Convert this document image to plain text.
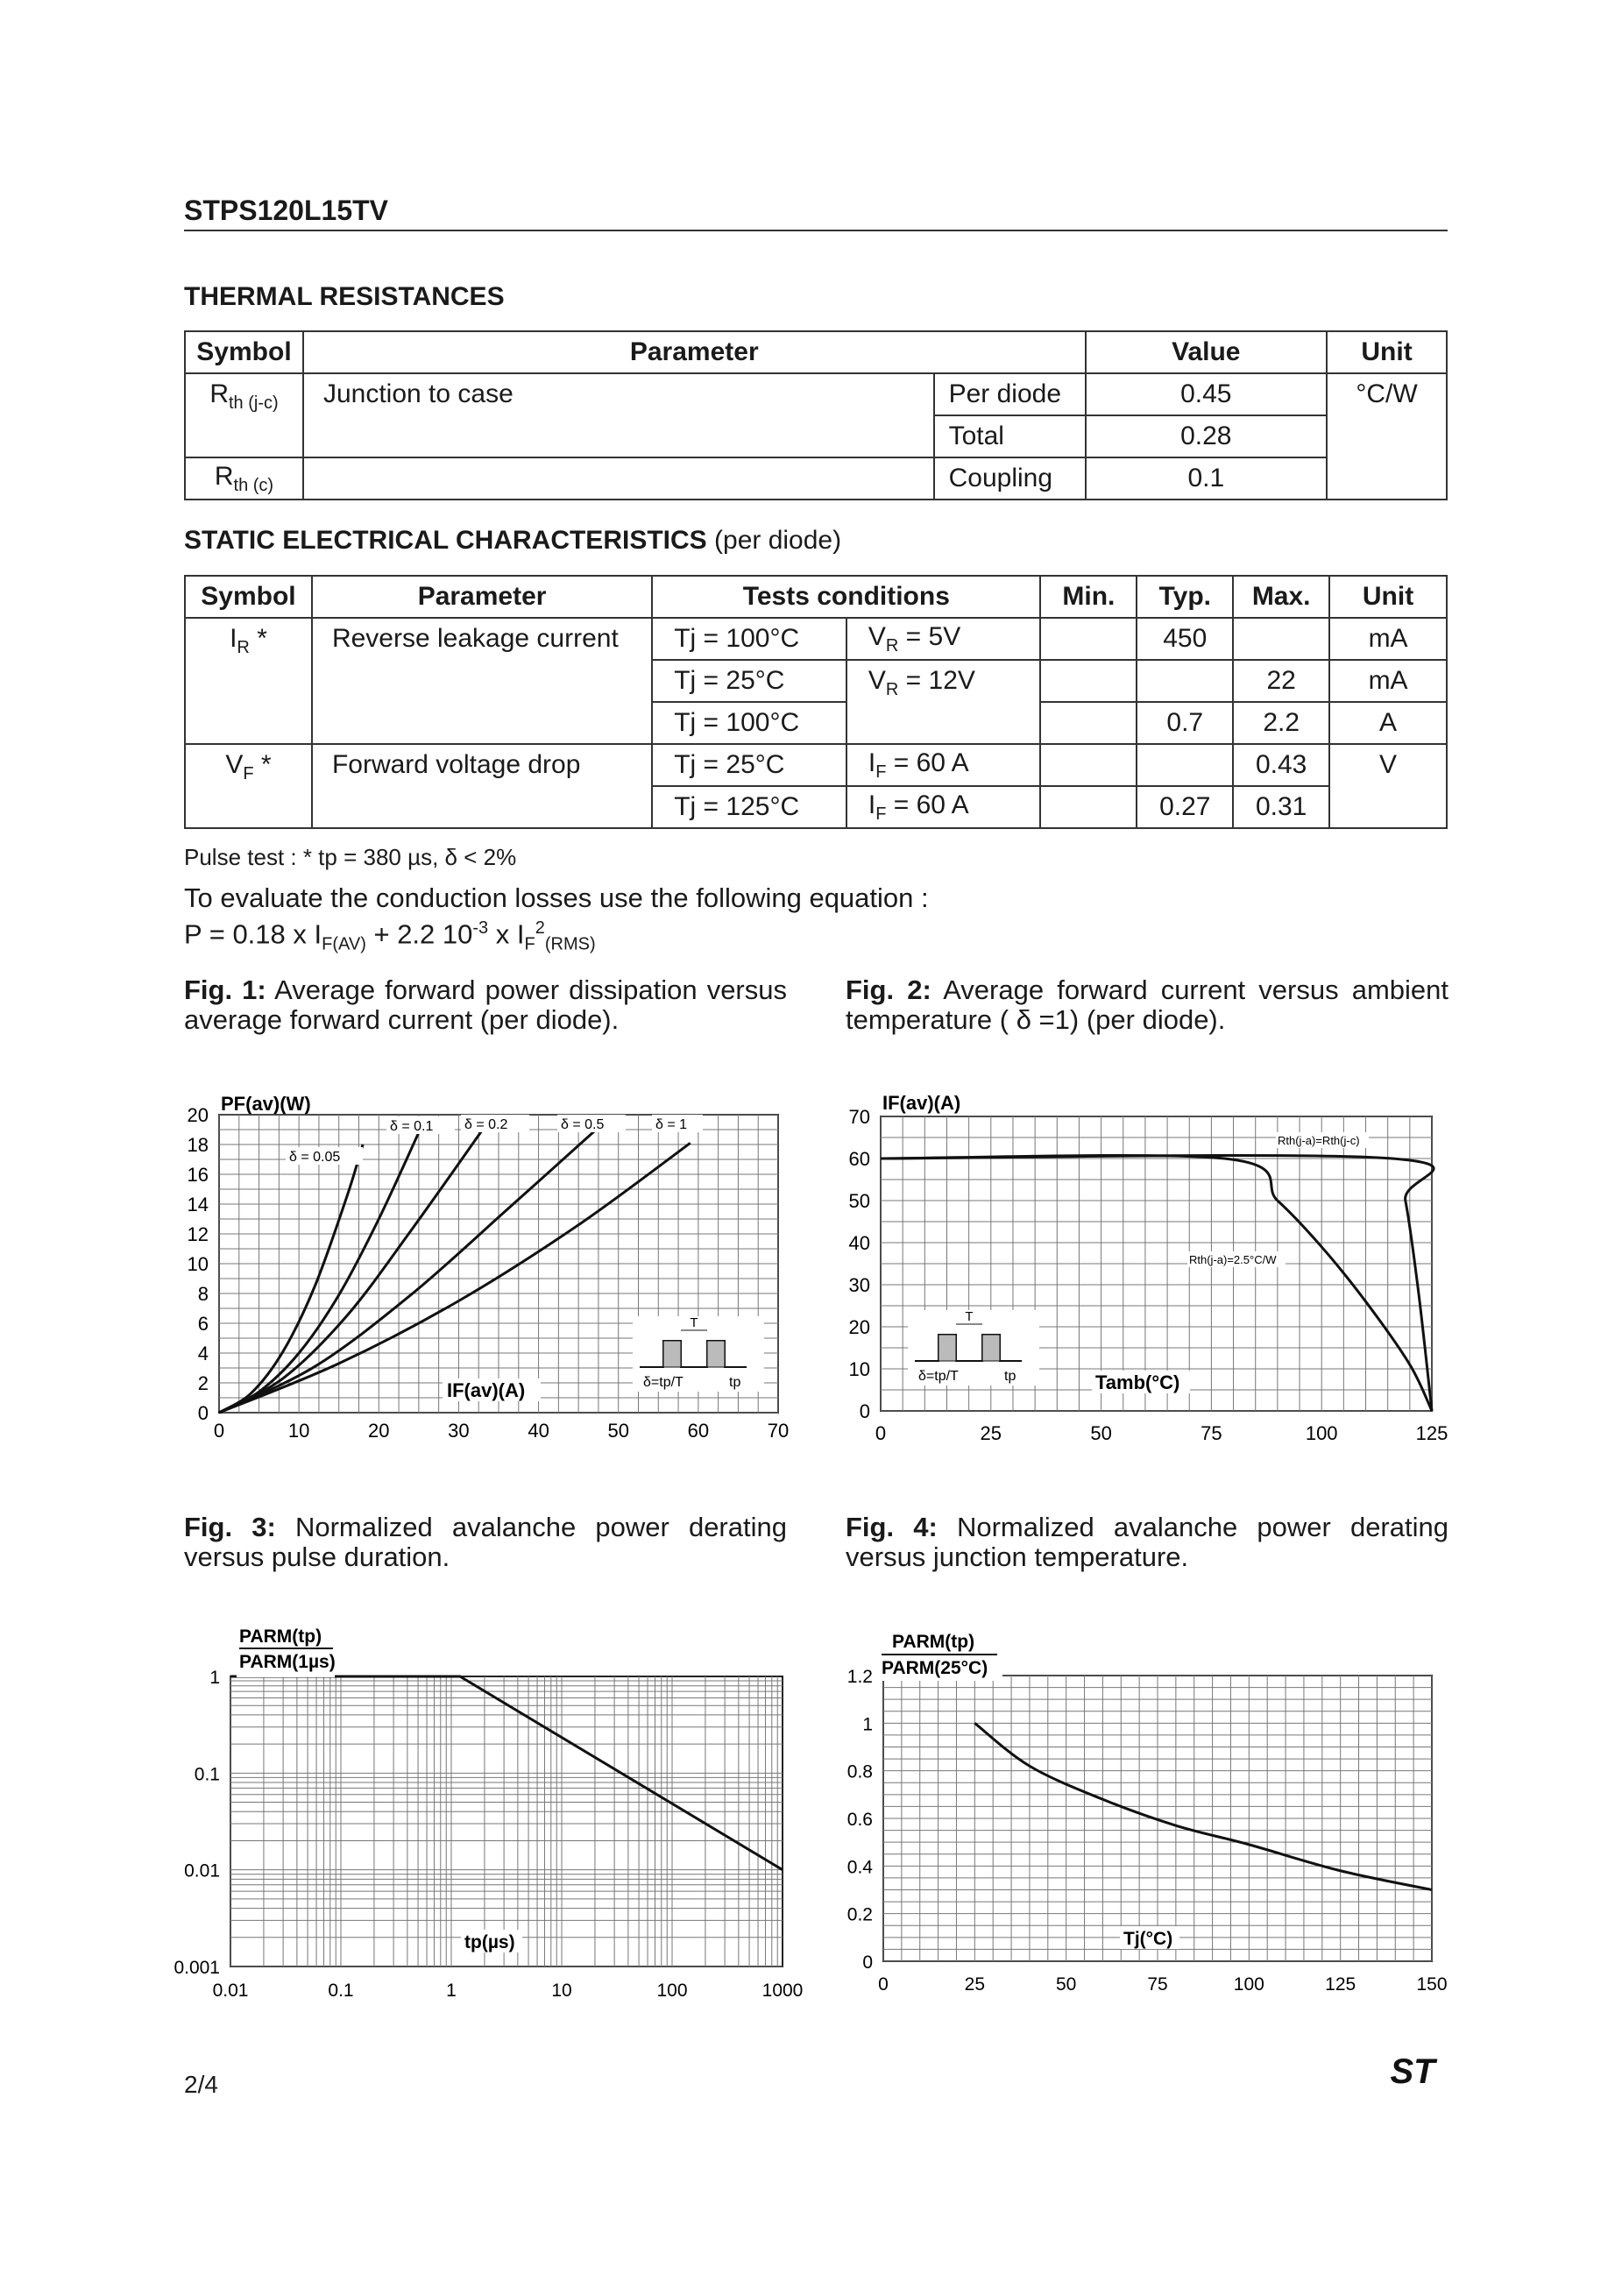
STPS120L15TV
THERMAL RESISTANCES
Symbol	Parameter		Value	Unit
$R_{th (j-c)}$	Junction to case	Per diode	0.45	°C/W
		Total	0.28	
$R_{th (c)}$		Coupling	0.1	
STATIC ELECTRICAL CHARACTERISTICS (per diode)
Symbol	Parameter	Tests conditions		Min.	Typ.	Max.	Unit
$I_R$ *	Reverse leakage current	Tj = 100°C	$V_R = 5V$		450		mA
		Tj = 25°C	$V_R = 12V$			22	mA
		Tj = 100°C			0.7	2.2	A
$V_F$ *	Forward voltage drop	Tj = 25°C	$I_F = 60$ A			0.43	V
		Tj = 125°C	$I_F = 60$ A		0.27	0.31	
Pulse test : * tp = 380 µs, δ < 2%
To evaluate the conduction losses use the following equation :
P = 0.18 x $I_{F(AV)} + 2.2$ $10^{-3}$ x $I_F^2_{(RMS)}$
Fig. 1: Average forward power dissipation versus average forward current (per diode).
Fig. 2: Average forward current versus ambient temperature ( δ =1) (per diode).
Fig. 3: Normalized avalanche power derating versus pulse duration.
Fig. 4: Normalized avalanche power derating versus junction temperature.
δ = 0.05
δ = 0.1 δ = 0.2	δ = 0.5	δ = 1
0	10	20	30	40	50	60	70
0
2
4
6
8
10
12
14
16
18
20
PF(av)(W)
IF(av)(A)
T
δ=tp/T	tp
Rth(j-a)=Rth(j-c)
Rth(j-a)=2.5°C/W
0	25	50	75	100	125
0
10
20
30
40
50
60
70
IF(av)(A)
Tamb(°C)
T
δ=tp/T	tp
0.01	0.1	1	10	100	1000
0.001
0.01
0.1
1
PARM(tp)
PARM(1µs)
tp(µs)
0	25	50	75	100	125	150
0
0.2
0.4
0.6
0.8
1
1.2
PARM(tp)
PARM(25°C)
Tj(°C)
2/4	ST
